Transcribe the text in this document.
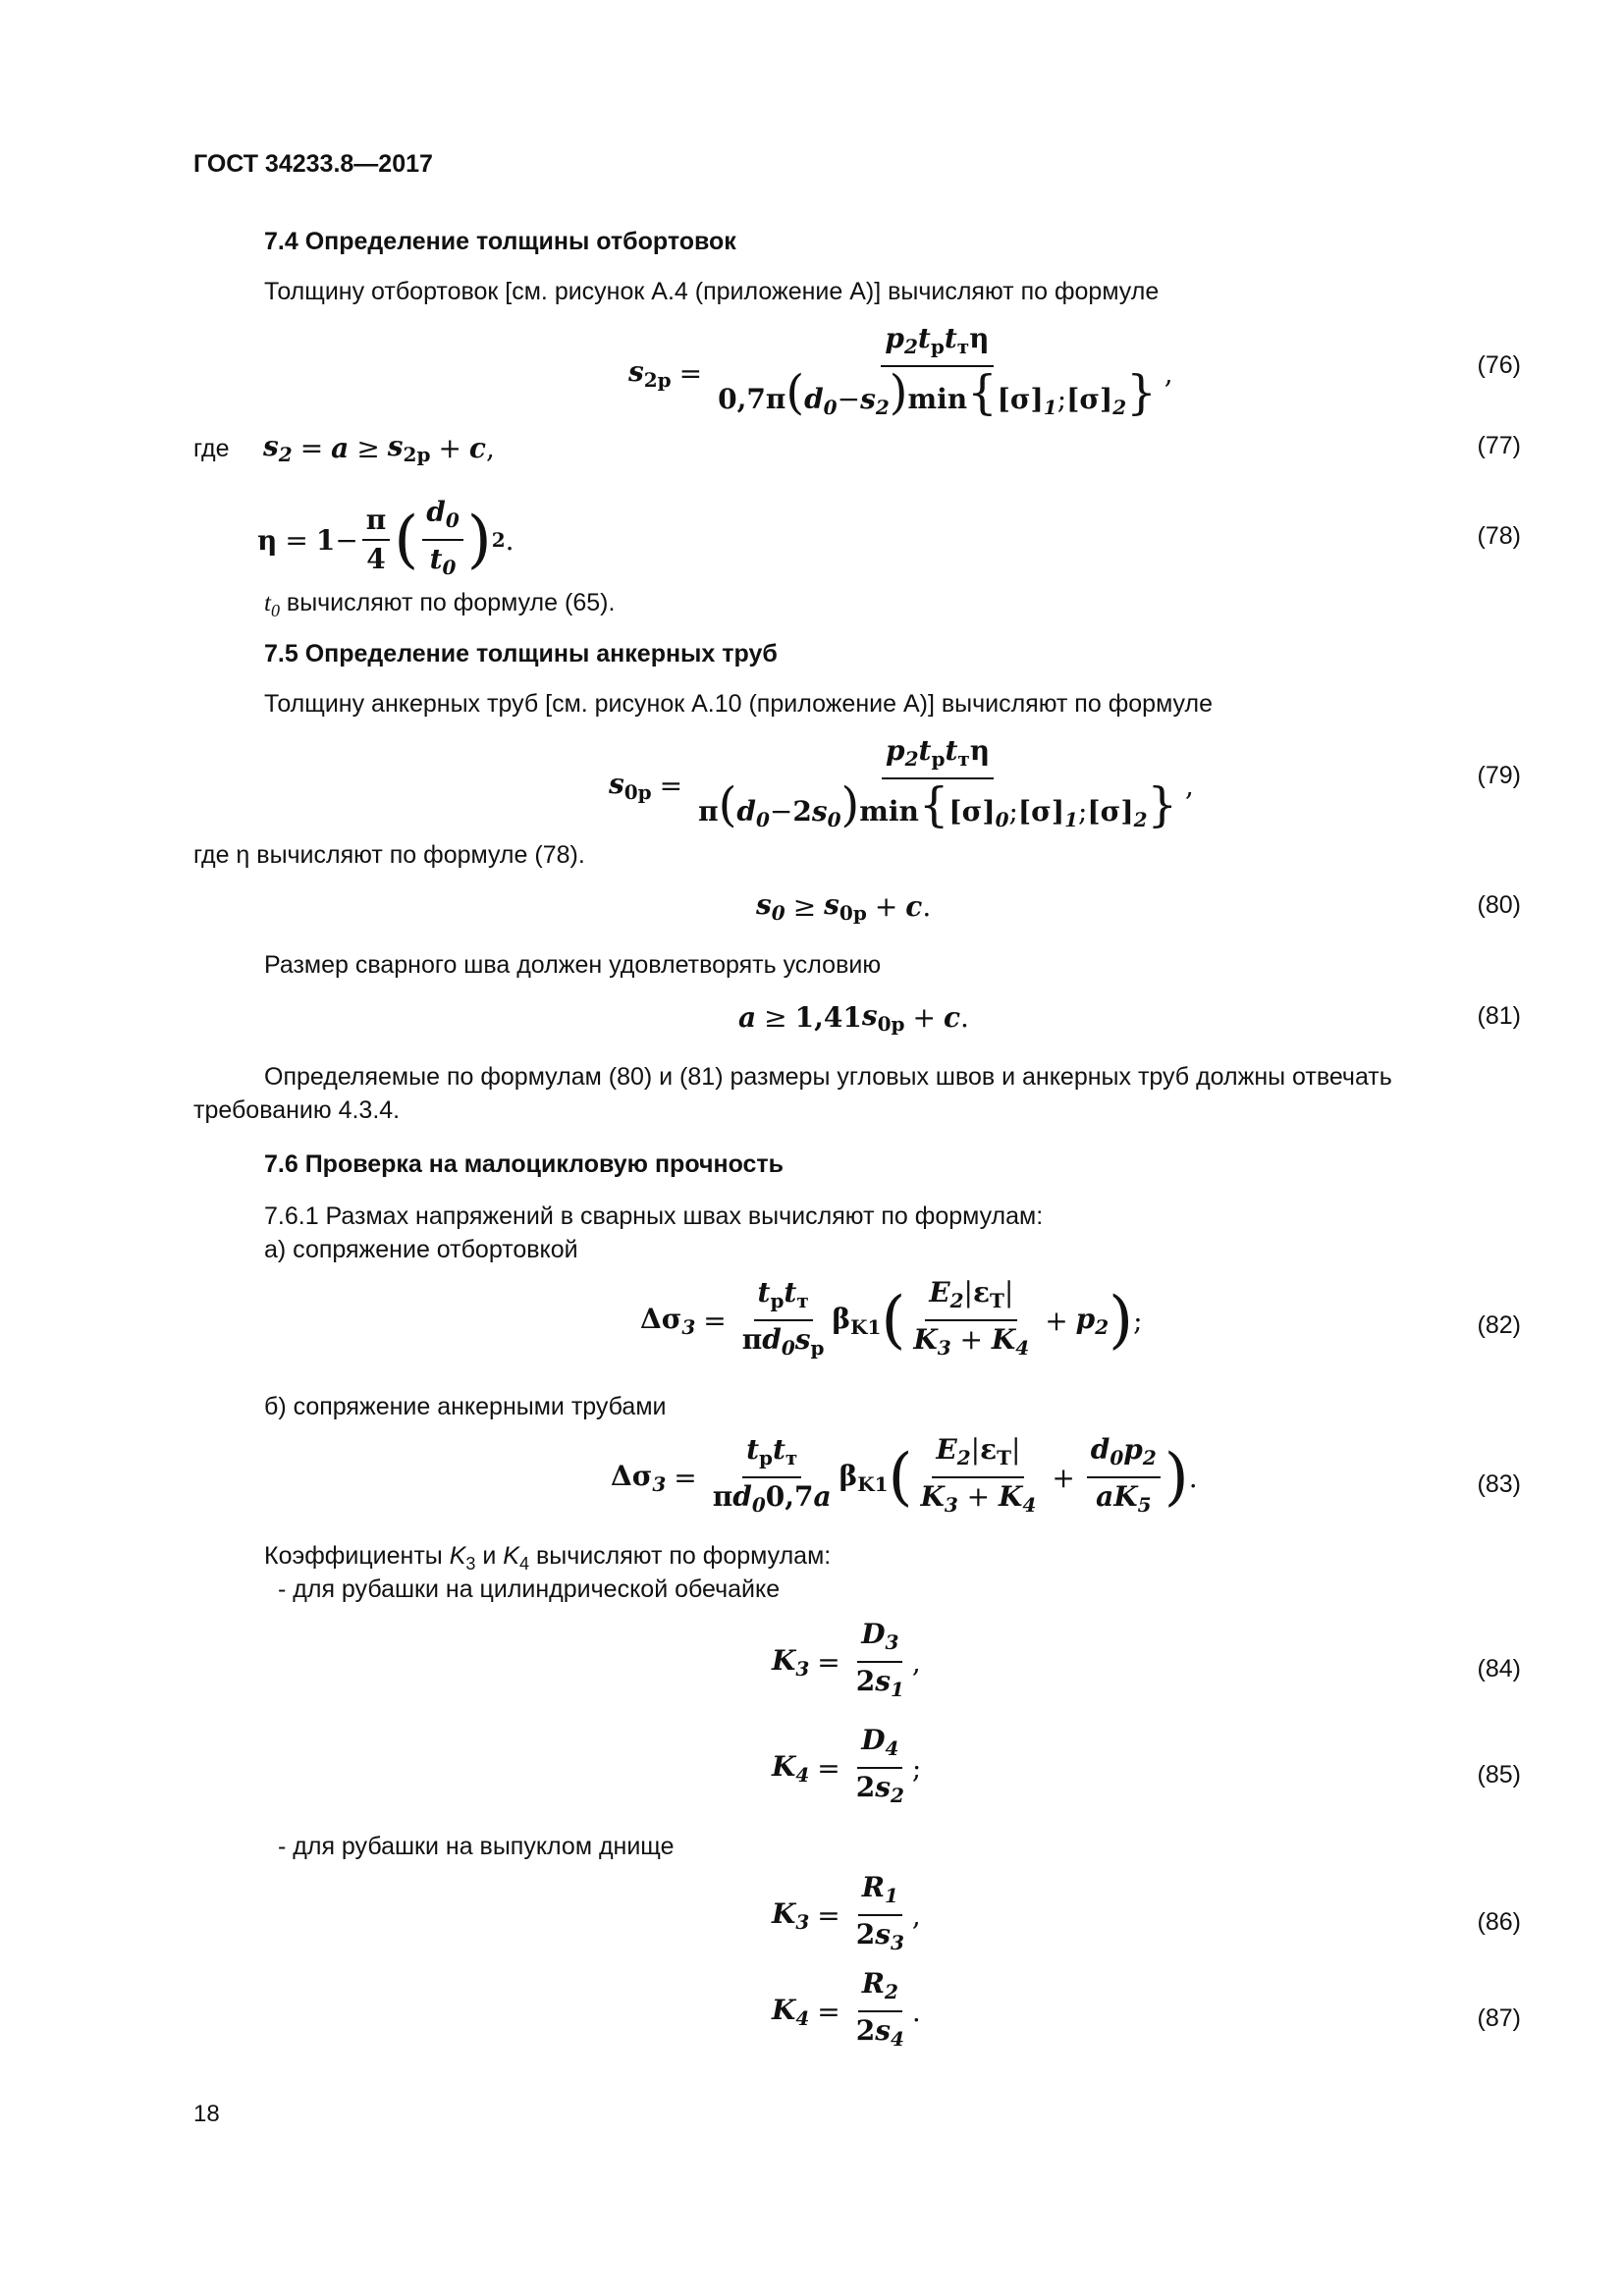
ГОСТ 34233.8—2017
7.4 Определение толщины отбортовок
Толщину отбортовок [см. рисунок А.4 (приложение А)] вычисляют по формуле
$s_{2p} = \frac{p_2t_pt_т\eta}{0,7\pi(d_0-s_2)\min\{[\sigma]_1;[\sigma]_2\}}$ ,	(76)
где $s_2 = a \ge s_{2p} + c$ ,	(77)
$\eta = 1 - \frac{\pi}{4}$ ( $\frac{d_0}{t_0}$ ) 2 .	(78)
$t_0$ вычисляют по формуле (65).
7.5 Определение толщины анкерных труб
Толщину анкерных труб [см. рисунок А.10 (приложение А)] вычисляют по формуле
$s_{0p} = \frac{p_2t_pt_т\eta}{\pi(d_0-2s_0)\min\{[\sigma]_0;[\sigma]_1;[\sigma]_2\}}$ ,	(79)
где η вычисляют по формуле (78).
$s_0 \ge s_{0p} + c$ .	(80)
Размер сварного шва должен удовлетворять условию
a ≥ 1,41 $s_{0p} + c$ .	(81)
Определяемые по формулам (80) и (81) размеры угловых швов и анкерных труб должны отвечать
требованию 4.3.4.
7.6 Проверка на малоцикловую прочность
7.6.1 Размах напряжений в сварных швах вычисляют по формулам:
а) сопряжение отбортовкой
$\Delta\sigma_3 = \frac{t_pt_т}{\pi d_0s_p} \beta_{K1}$ ( $\frac{E_2|\varepsilon_T|}{K_3 + K_4} + p_2$ ) ;	(82)
б) сопряжение анкерными трубами
$\Delta\sigma_3 = \frac{t_pt_т}{\pi d_00,7a} \beta_{K1}$ ( $\frac{E_2|\varepsilon_T|}{K_3 + K_4} + \frac{d_0p_2}{aK_5}$ ) .	(83)
Коэффициенты $K_3$ и $K_4$ вычисляют по формулам:
- для рубашки на цилиндрической обечайке
$K_3 = \frac{D_3}{2s_1}$ ,	(84)
$K_4 = \frac{D_4}{2s_2}$ ;	(85)
- для рубашки на выпуклом днище
$K_3 = \frac{R_1}{2s_3}$ ,	(86)
$K_4 = \frac{R_2}{2s_4}$ .	(87)
18
